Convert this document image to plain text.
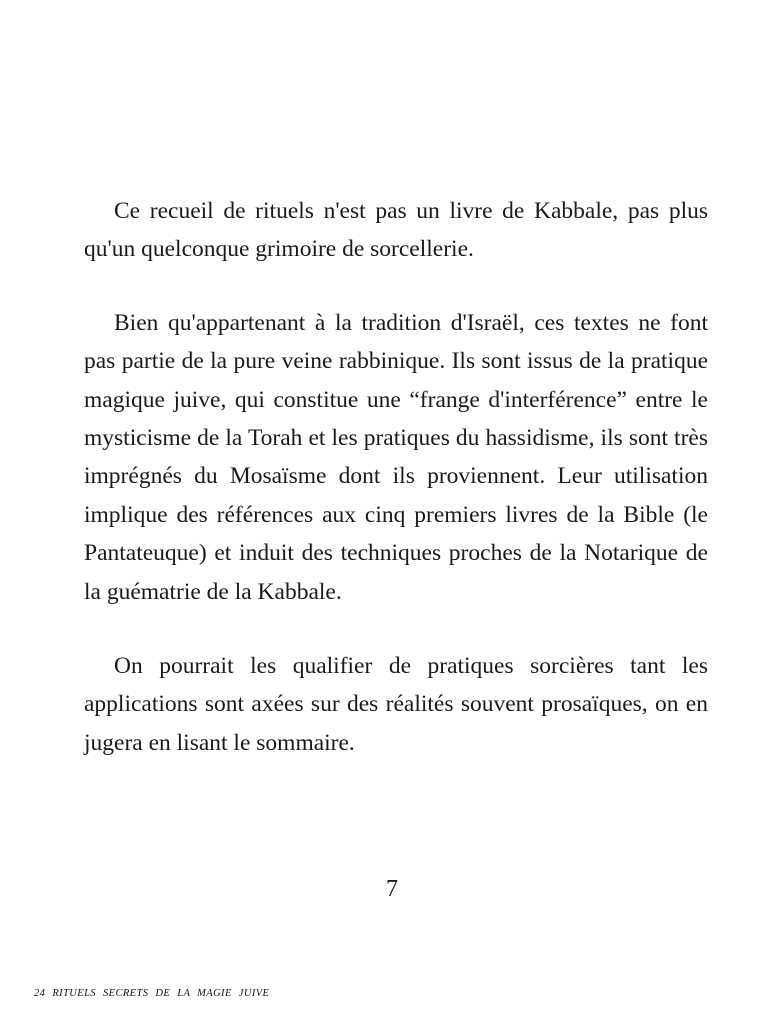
Ce recueil de rituels n'est pas un livre de Kabbale, pas plus qu'un quelconque grimoire de sorcellerie.

Bien qu'appartenant à la tradition d'Israël, ces textes ne font pas partie de la pure veine rabbinique. Ils sont issus de la pratique magique juive, qui constitue une “frange d'interférence” entre le mysticisme de la Torah et les pratiques du hassidisme, ils sont très imprégnés du Mosaïsme dont ils proviennent. Leur utilisation implique des références aux cinq premiers livres de la Bible (le Pantateuque) et induit des techniques proches de la Notarique de la guématrie de la Kabbale.

On pourrait les qualifier de pratiques sorcières tant les applications sont axées sur des réalités souvent prosaïques, on en jugera en lisant le sommaire.

7
24 RITUELS SECRETS DE LA MAGIE JUIVE
